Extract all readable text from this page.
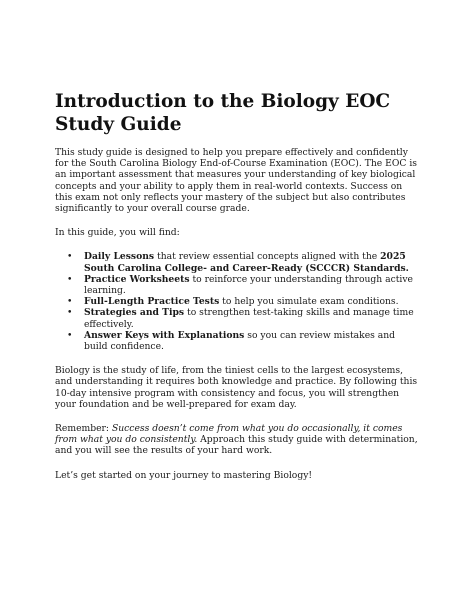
Introduction to the Biology EOC Study Guide

This study guide is designed to help you prepare effectively and confidently for the South Carolina Biology End-of-Course Examination (EOC). The EOC is an important assessment that measures your understanding of key biological concepts and your ability to apply them in real-world contexts. Success on this exam not only reflects your mastery of the subject but also contributes significantly to your overall course grade.

In this guide, you will find:

• Daily Lessons that review essential concepts aligned with the 2025 South Carolina College- and Career-Ready (SCCCR) Standards.
• Practice Worksheets to reinforce your understanding through active learning.
• Full-Length Practice Tests to help you simulate exam conditions.
• Strategies and Tips to strengthen test-taking skills and manage time effectively.
• Answer Keys with Explanations so you can review mistakes and build confidence.

Biology is the study of life, from the tiniest cells to the largest ecosystems, and understanding it requires both knowledge and practice. By following this 10-day intensive program with consistency and focus, you will strengthen your foundation and be well-prepared for exam day.

Remember: Success doesn’t come from what you do occasionally, it comes from what you do consistently. Approach this study guide with determination, and you will see the results of your hard work.

Let’s get started on your journey to mastering Biology!
